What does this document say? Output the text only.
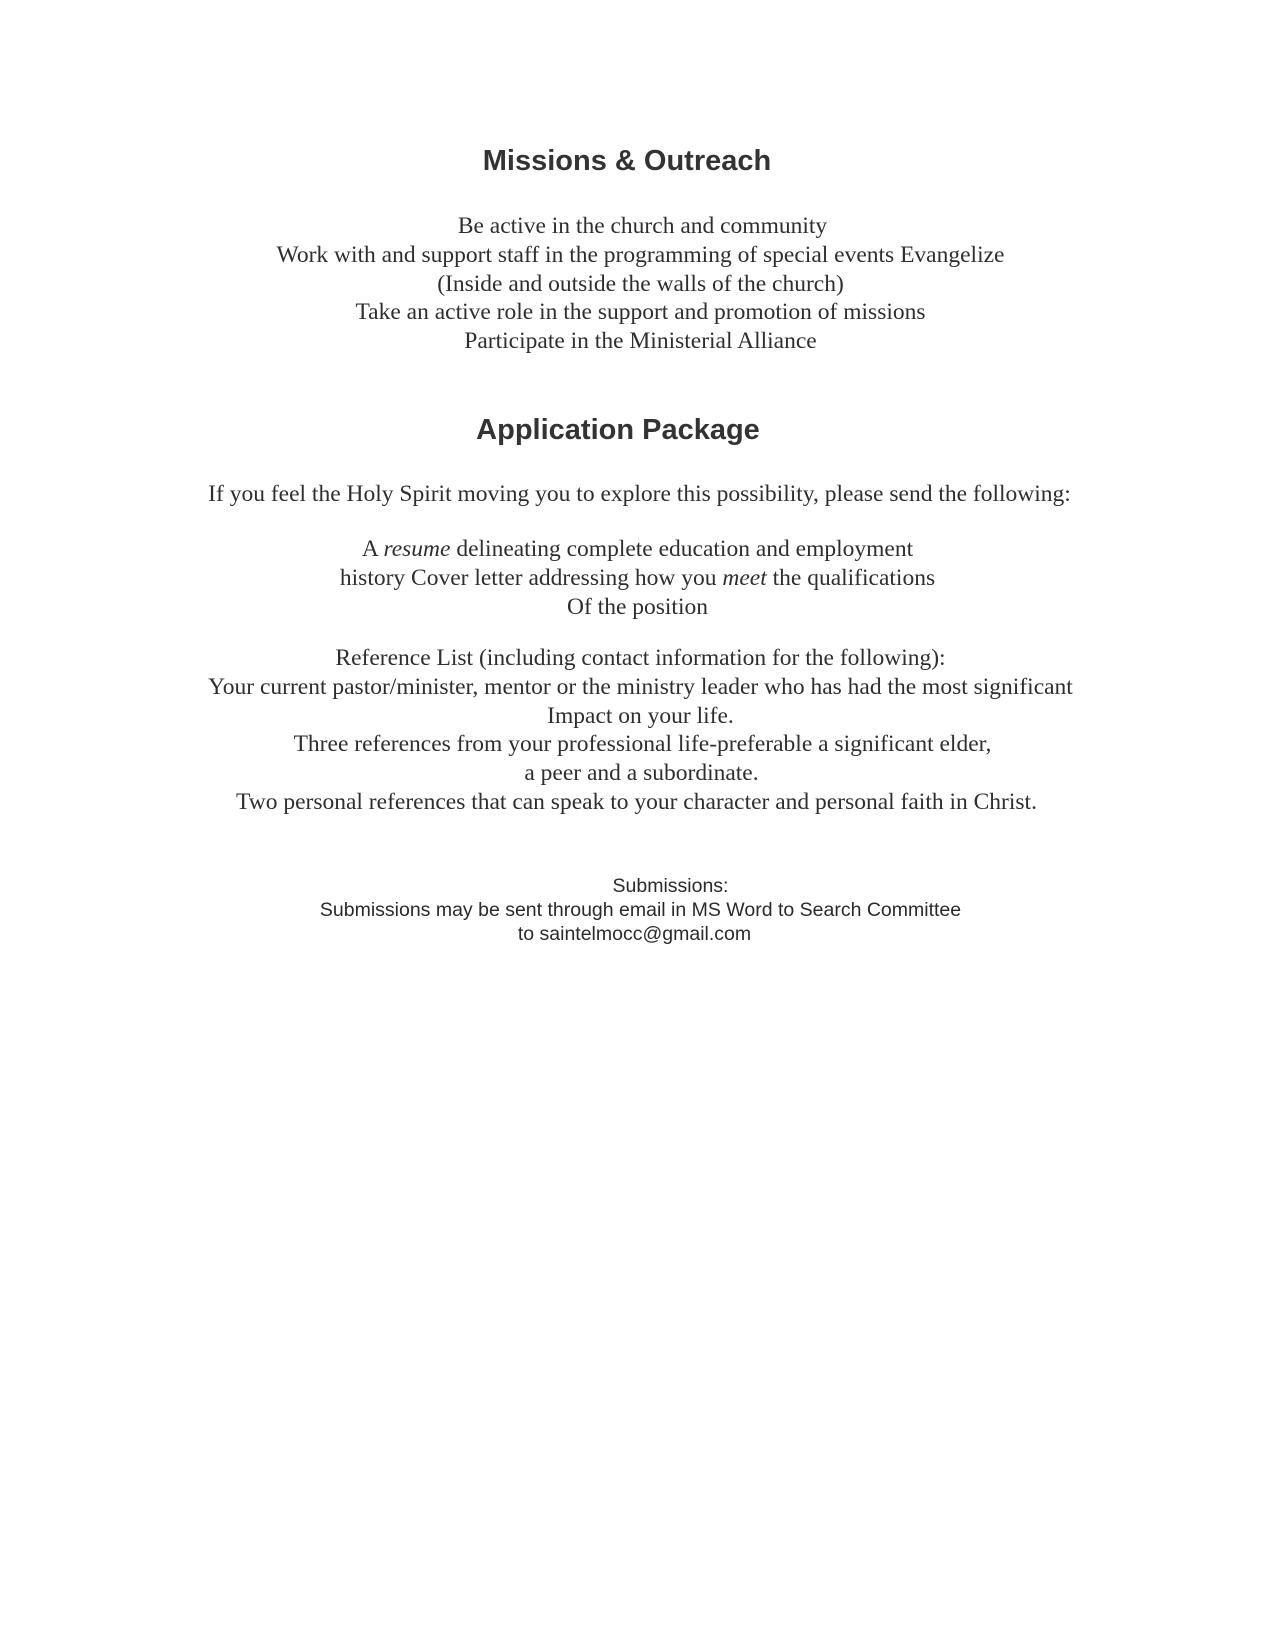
Missions & Outreach
Be active in the church and community
Work with and support staff in the programming of special events Evangelize
(Inside and outside the walls of the church)
Take an active role in the support and promotion of missions
Participate in the Ministerial Alliance
Application Package
If you feel the Holy Spirit moving you to explore this possibility, please send the following:
A resume delineating complete education and employment
history Cover letter addressing how you meet the qualifications
Of the position
Reference List (including contact information for the following):
Your current pastor/minister, mentor or the ministry leader who has had the most significant
Impact on your life.
Three references from your professional life-preferable a significant elder,
a peer and a subordinate.
Two personal references that can speak to your character and personal faith in Christ.
Submissions:
Submissions may be sent through email in MS Word to Search Committee
to saintelmocc@gmail.com
